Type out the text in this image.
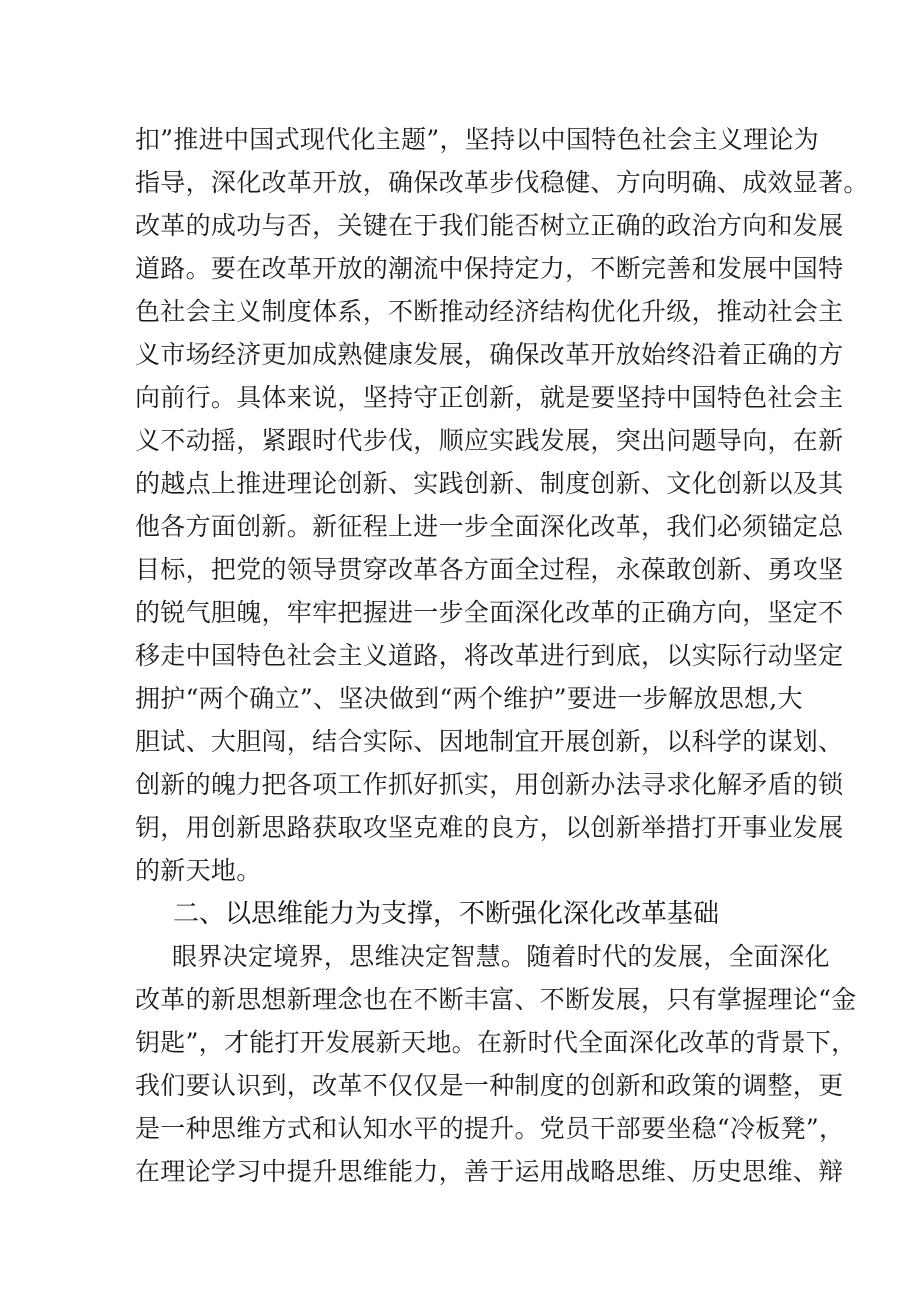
扣”推进中国式现代化主题”，坚持以中国特色社会主义理论为
指导，深化改革开放，确保改革步伐稳健、方向明确、成效显著。
改革的成功与否，关键在于我们能否树立正确的政治方向和发展
道路。要在改革开放的潮流中保持定力，不断完善和发展中国特
色社会主义制度体系，不断推动经济结构优化升级，推动社会主
义市场经济更加成熟健康发展，确保改革开放始终沿着正确的方
向前行。具体来说，坚持守正创新，就是要坚持中国特色社会主
义不动摇，紧跟时代步伐，顺应实践发展，突出问题导向，在新
的越点上推进理论创新、实践创新、制度创新、文化创新以及其
他各方面创新。新征程上进一步全面深化改革，我们必须锚定总
目标，把党的领导贯穿改革各方面全过程，永葆敢创新、勇攻坚
的锐气胆魄，牢牢把握进一步全面深化改革的正确方向，坚定不
移走中国特色社会主义道路，将改革进行到底，以实际行动坚定
拥护“两个确立”、坚决做到“两个维护”要进一步解放思想,大
胆试、大胆闯，结合实际、因地制宜开展创新，以科学的谋划、
创新的魄力把各项工作抓好抓实，用创新办法寻求化解矛盾的锁
钥，用创新思路获取攻坚克难的良方，以创新举措打开事业发展
的新天地。
二、以思维能力为支撑，不断强化深化改革基础
眼界决定境界，思维决定智慧。随着时代的发展，全面深化
改革的新思想新理念也在不断丰富、不断发展，只有掌握理论“金
钥匙”，才能打开发展新天地。在新时代全面深化改革的背景下，
我们要认识到，改革不仅仅是一种制度的创新和政策的调整，更
是一种思维方式和认知水平的提升。党员干部要坐稳“冷板凳”，
在理论学习中提升思维能力，善于运用战略思维、历史思维、辩
